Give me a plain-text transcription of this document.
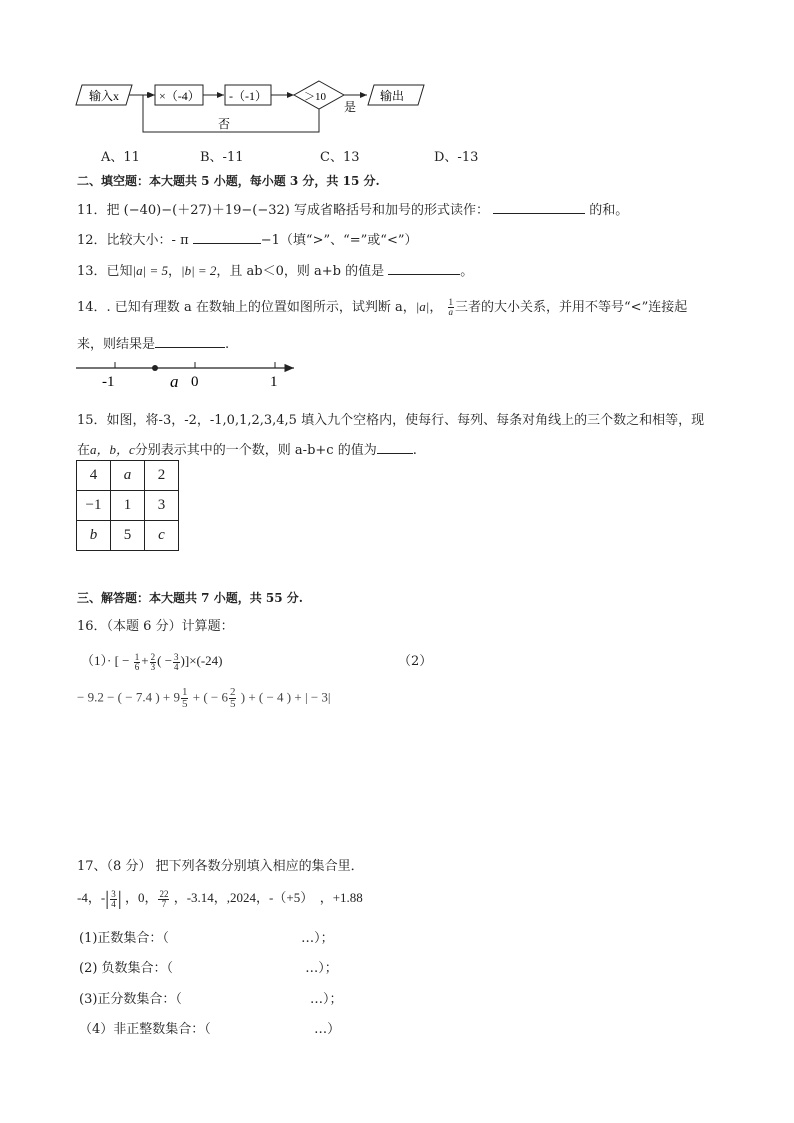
输入x	×（-4） -（-1）	＞10
是
输出
否
A、11	B、-11	C、13	D、-13
二、填空题：本大题共 5 小题，每小题 3 分，共 15 分.
11．把 (−40)−(＋27)＋19−(−32) 写成省略括号和加号的形式读作：	的和。
12．比较大小：- π	−1（填“>”、“=”或“<”）
13．已知|a| = 5，|b| = 2，且 ab＜0，则 a+b 的值是	。
14．. 已知有理数 a 在数轴上的位置如图所示，试判断 a，|a|， $\frac{1}{a}$ 三者的大小关系，并用不等号“<”连接起
来，则结果是	.
-1	a 0	1
15．如图，将-3，-2，-1,0,1,2,3,4,5 填入九个空格内，使每行、每列、每条对角线上的三个数之和相等，现
在a，b，c分别表示其中的一个数，则 a-b+c 的值为	.
4	a	2
−1	1	3
b	5	c
三、解答题：本大题共 7 小题，共 55 分.
16．（本题 6 分）计算题：
（1）· [ − $\frac{1}{6} + \frac{2}{3}$ ( − $\frac{3}{4} )]\times(-24)$	（2）
− 9.2 − ( − 7.4 ) + $9 \frac{1}{5}$ + ( − $6 \frac{2}{5}$ ) + ( − 4 ) + | − 3|
17、（8 分） 把下列各数分别填入相应的集合里．
-4，-| $\frac{3}{4}$ | ，0， $\frac{22}{7}$ ，-3.14，,2024，-（+5）　，+1.88
(1)正数集合：（                                …）；
(2) 负数集合：（                                …）；
(3)正分数集合：（                               …）；
（4）非正整数集合：（                         …）
